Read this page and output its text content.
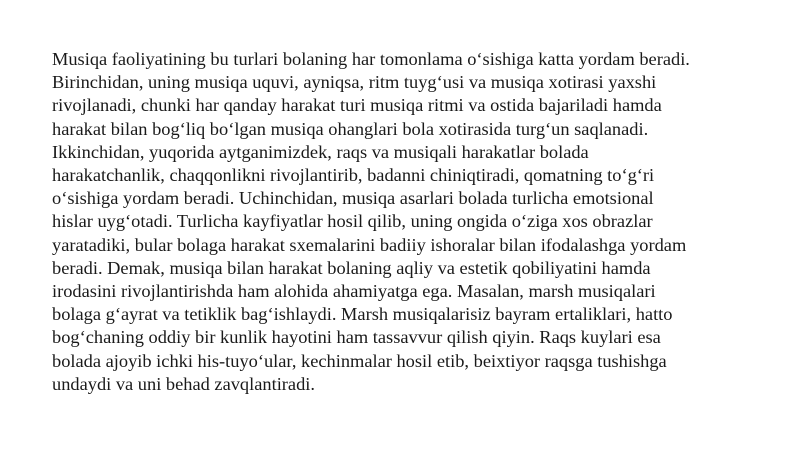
Musiqa faoliyatining bu turlari bolaning har tomonlama o‘sishiga katta yordam beradi.
Birinchidan, uning musiqa uquvi, ayniqsa, ritm tuyg‘usi va musiqa xotirasi yaxshi
rivojlanadi, chunki har qanday harakat turi musiqa ritmi va ostida bajariladi hamda
harakat bilan bog‘liq bo‘lgan musiqa ohanglari bola xotirasida turg‘un saqlanadi.
Ikkinchidan, yuqorida aytganimizdek, raqs va musiqali harakatlar bolada
harakatchanlik, chaqqonlikni rivojlantirib, badanni chiniqtiradi, qomatning to‘g‘ri
o‘sishiga yordam beradi. Uchinchidan, musiqa asarlari bolada turlicha emotsional
hislar uyg‘otadi. Turlicha kayfiyatlar hosil qilib, uning ongida o‘ziga xos obrazlar
yaratadiki, bular bolaga harakat sxemalarini badiiy ishoralar bilan ifodalashga yordam
beradi. Demak, musiqa bilan harakat bolaning aqliy va estetik qobiliyatini hamda
irodasini rivojlantirishda ham alohida ahamiyatga ega. Masalan, marsh musiqalari
bolaga g‘ayrat va tetiklik bag‘ishlaydi. Marsh musiqalarisiz bayram ertaliklari, hatto
bog‘chaning oddiy bir kunlik hayotini ham tassavvur qilish qiyin. Raqs kuylari esa
bolada ajoyib ichki his-tuyo‘ular, kechinmalar hosil etib, beixtiyor raqsga tushishga
undaydi va uni behad zavqlantiradi.
